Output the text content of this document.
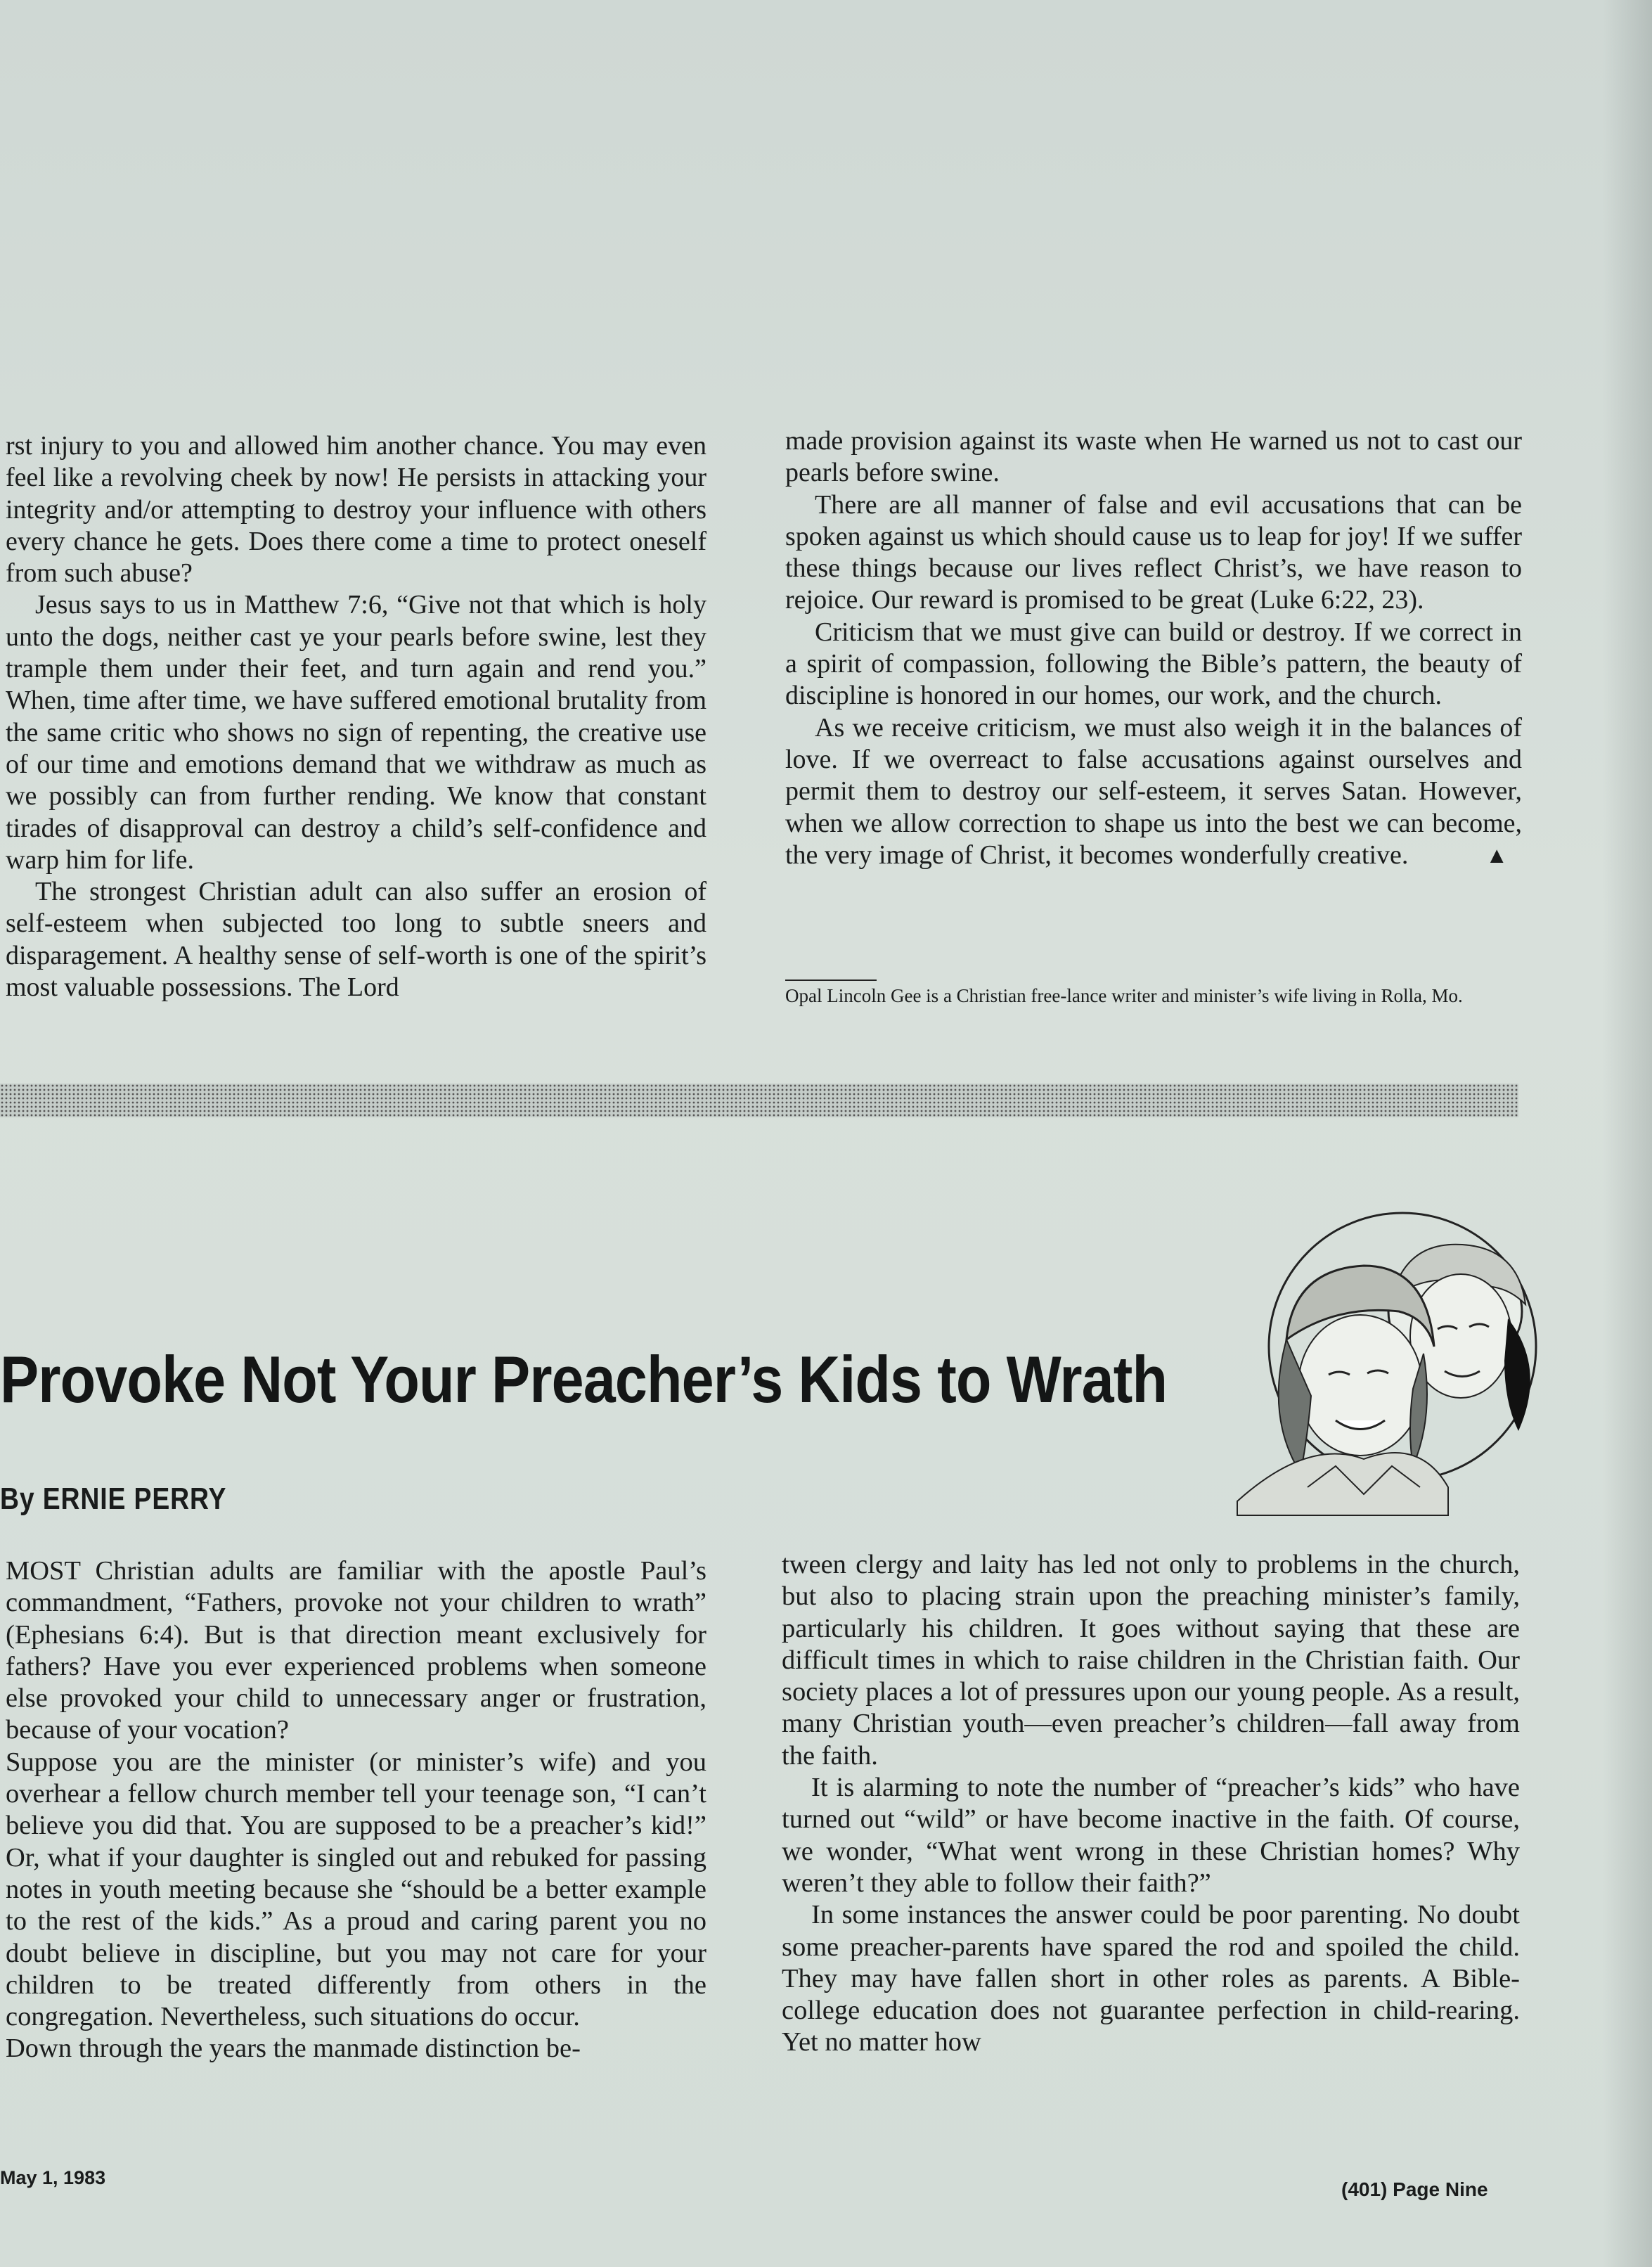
rst injury to you and allowed him another chance. You may even feel like a revolving cheek by now! He persists in attacking your integrity and/or attempting to destroy your influence with others every chance he gets. Does there come a time to protect oneself from such abuse?

Jesus says to us in Matthew 7:6, “Give not that which is holy unto the dogs, neither cast ye your pearls before swine, lest they trample them under their feet, and turn again and rend you.” When, time after time, we have suffered emotional brutality from the same critic who shows no sign of repenting, the creative use of our time and emotions demand that we withdraw as much as we possibly can from further rending. We know that constant tirades of disapproval can destroy a child’s self-confidence and warp him for life.

The strongest Christian adult can also suffer an erosion of self-esteem when subjected too long to subtle sneers and disparagement. A healthy sense of self-worth is one of the spirit’s most valuable possessions. The Lord

made provision against its waste when He warned us not to cast our pearls before swine.

There are all manner of false and evil accusations that can be spoken against us which should cause us to leap for joy! If we suffer these things because our lives reflect Christ’s, we have reason to rejoice. Our reward is promised to be great (Luke 6:22, 23).

Criticism that we must give can build or destroy. If we correct in a spirit of compassion, following the Bible’s pattern, the beauty of discipline is honored in our homes, our work, and the church.

As we receive criticism, we must also weigh it in the balances of love. If we overreact to false accusations against ourselves and permit them to destroy our self-esteem, it serves Satan. However, when we allow correction to shape us into the best we can become, the very image of Christ, it becomes wonderfully creative.	▲

Opal Lincoln Gee is a Christian free-lance writer and minister’s wife living in Rolla, Mo.
Provoke Not Your Preacher’s Kids to Wrath
By ERNIE PERRY

MOST Christian adults are familiar with the apostle Paul’s commandment, “Fathers, provoke not your children to wrath” (Ephesians 6:4). But is that direction meant exclusively for fathers? Have you ever experienced problems when someone else provoked your child to unnecessary anger or frustration, because of your vocation?

Suppose you are the minister (or minister’s wife) and you overhear a fellow church member tell your teenage son, “I can’t believe you did that. You are supposed to be a preacher’s kid!” Or, what if your daughter is singled out and rebuked for passing notes in youth meeting because she “should be a better example to the rest of the kids.” As a proud and caring parent you no doubt believe in discipline, but you may not care for your children to be treated differently from others in the congregation. Nevertheless, such situations do occur.

Down through the years the manmade distinction be-

tween clergy and laity has led not only to problems in the church, but also to placing strain upon the preaching minister’s family, particularly his children. It goes without saying that these are difficult times in which to raise children in the Christian faith. Our society places a lot of pressures upon our young people. As a result, many Christian youth—even preacher’s children—fall away from the faith.

It is alarming to note the number of “preacher’s kids” who have turned out “wild” or have become inactive in the faith. Of course, we wonder, “What went wrong in these Christian homes? Why weren’t they able to follow their faith?”

In some instances the answer could be poor parenting. No doubt some preacher-parents have spared the rod and spoiled the child. They may have fallen short in other roles as parents. A Bible-college education does not guarantee perfection in child-rearing. Yet no matter how

May 1, 1983
(401) Page Nine
